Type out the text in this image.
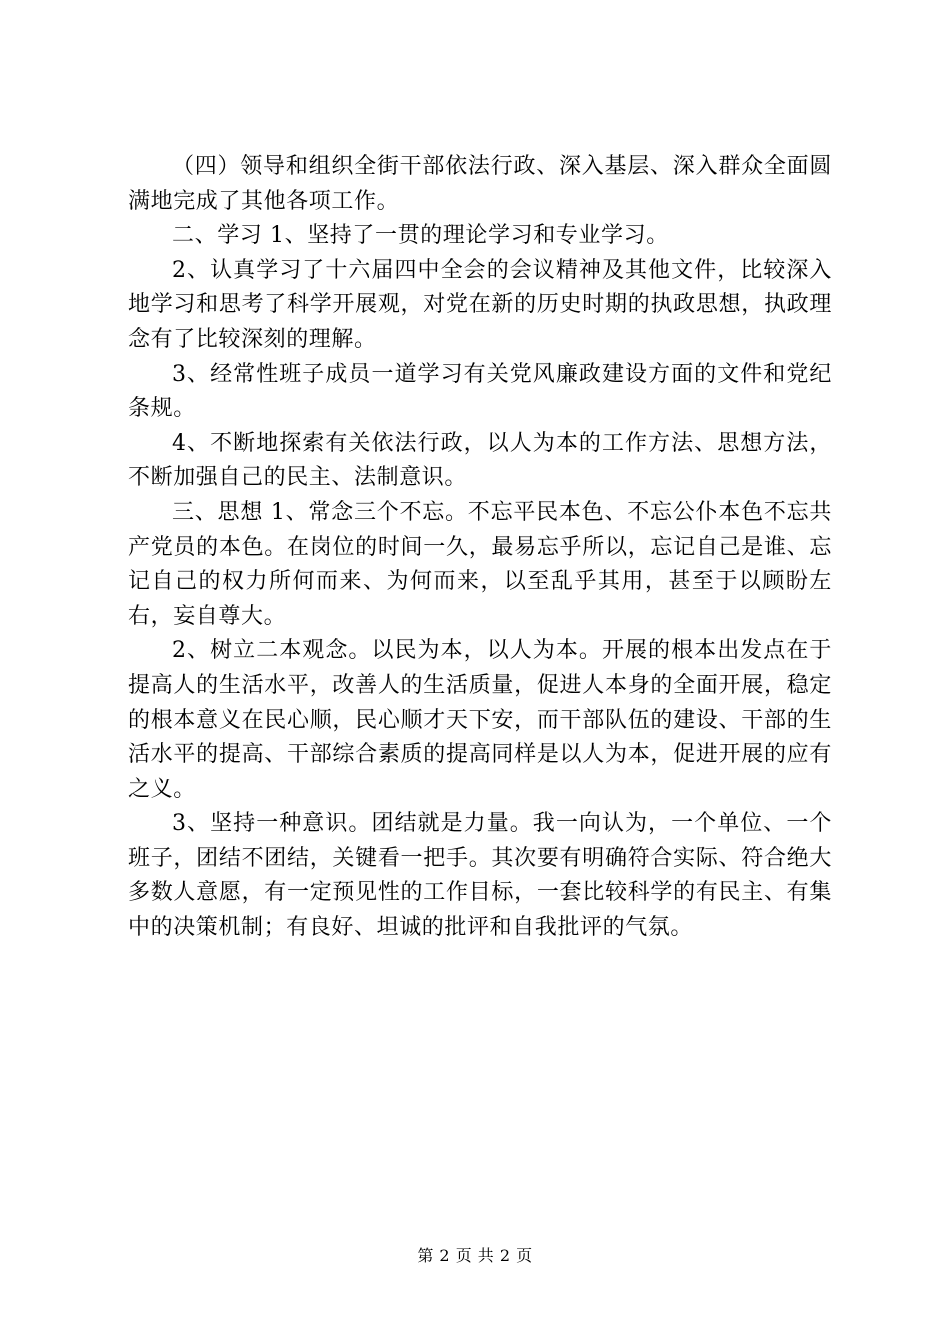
（四）领导和组织全街干部依法行政、深入基层、深入群众全面圆满地完成了其他各项工作。

二、学习 1、坚持了一贯的理论学习和专业学习。

2、认真学习了十六届四中全会的会议精神及其他文件，比较深入地学习和思考了科学开展观，对党在新的历史时期的执政思想，执政理念有了比较深刻的理解。

3、经常性班子成员一道学习有关党风廉政建设方面的文件和党纪条规。

4、不断地探索有关依法行政，以人为本的工作方法、思想方法，不断加强自己的民主、法制意识。

三、思想 1、常念三个不忘。不忘平民本色、不忘公仆本色不忘共产党员的本色。在岗位的时间一久，最易忘乎所以，忘记自己是谁、忘记自己的权力所何而来、为何而来，以至乱乎其用，甚至于以顾盼左右，妄自尊大。

2、树立二本观念。以民为本，以人为本。开展的根本出发点在于提高人的生活水平，改善人的生活质量，促进人本身的全面开展，稳定的根本意义在民心顺，民心顺才天下安，而干部队伍的建设、干部的生活水平的提高、干部综合素质的提高同样是以人为本，促进开展的应有之义。

3、坚持一种意识。团结就是力量。我一向认为，一个单位、一个班子，团结不团结，关键看一把手。其次要有明确符合实际、符合绝大多数人意愿，有一定预见性的工作目标，一套比较科学的有民主、有集中的决策机制；有良好、坦诚的批评和自我批评的气氛。

第 2 页 共 2 页
